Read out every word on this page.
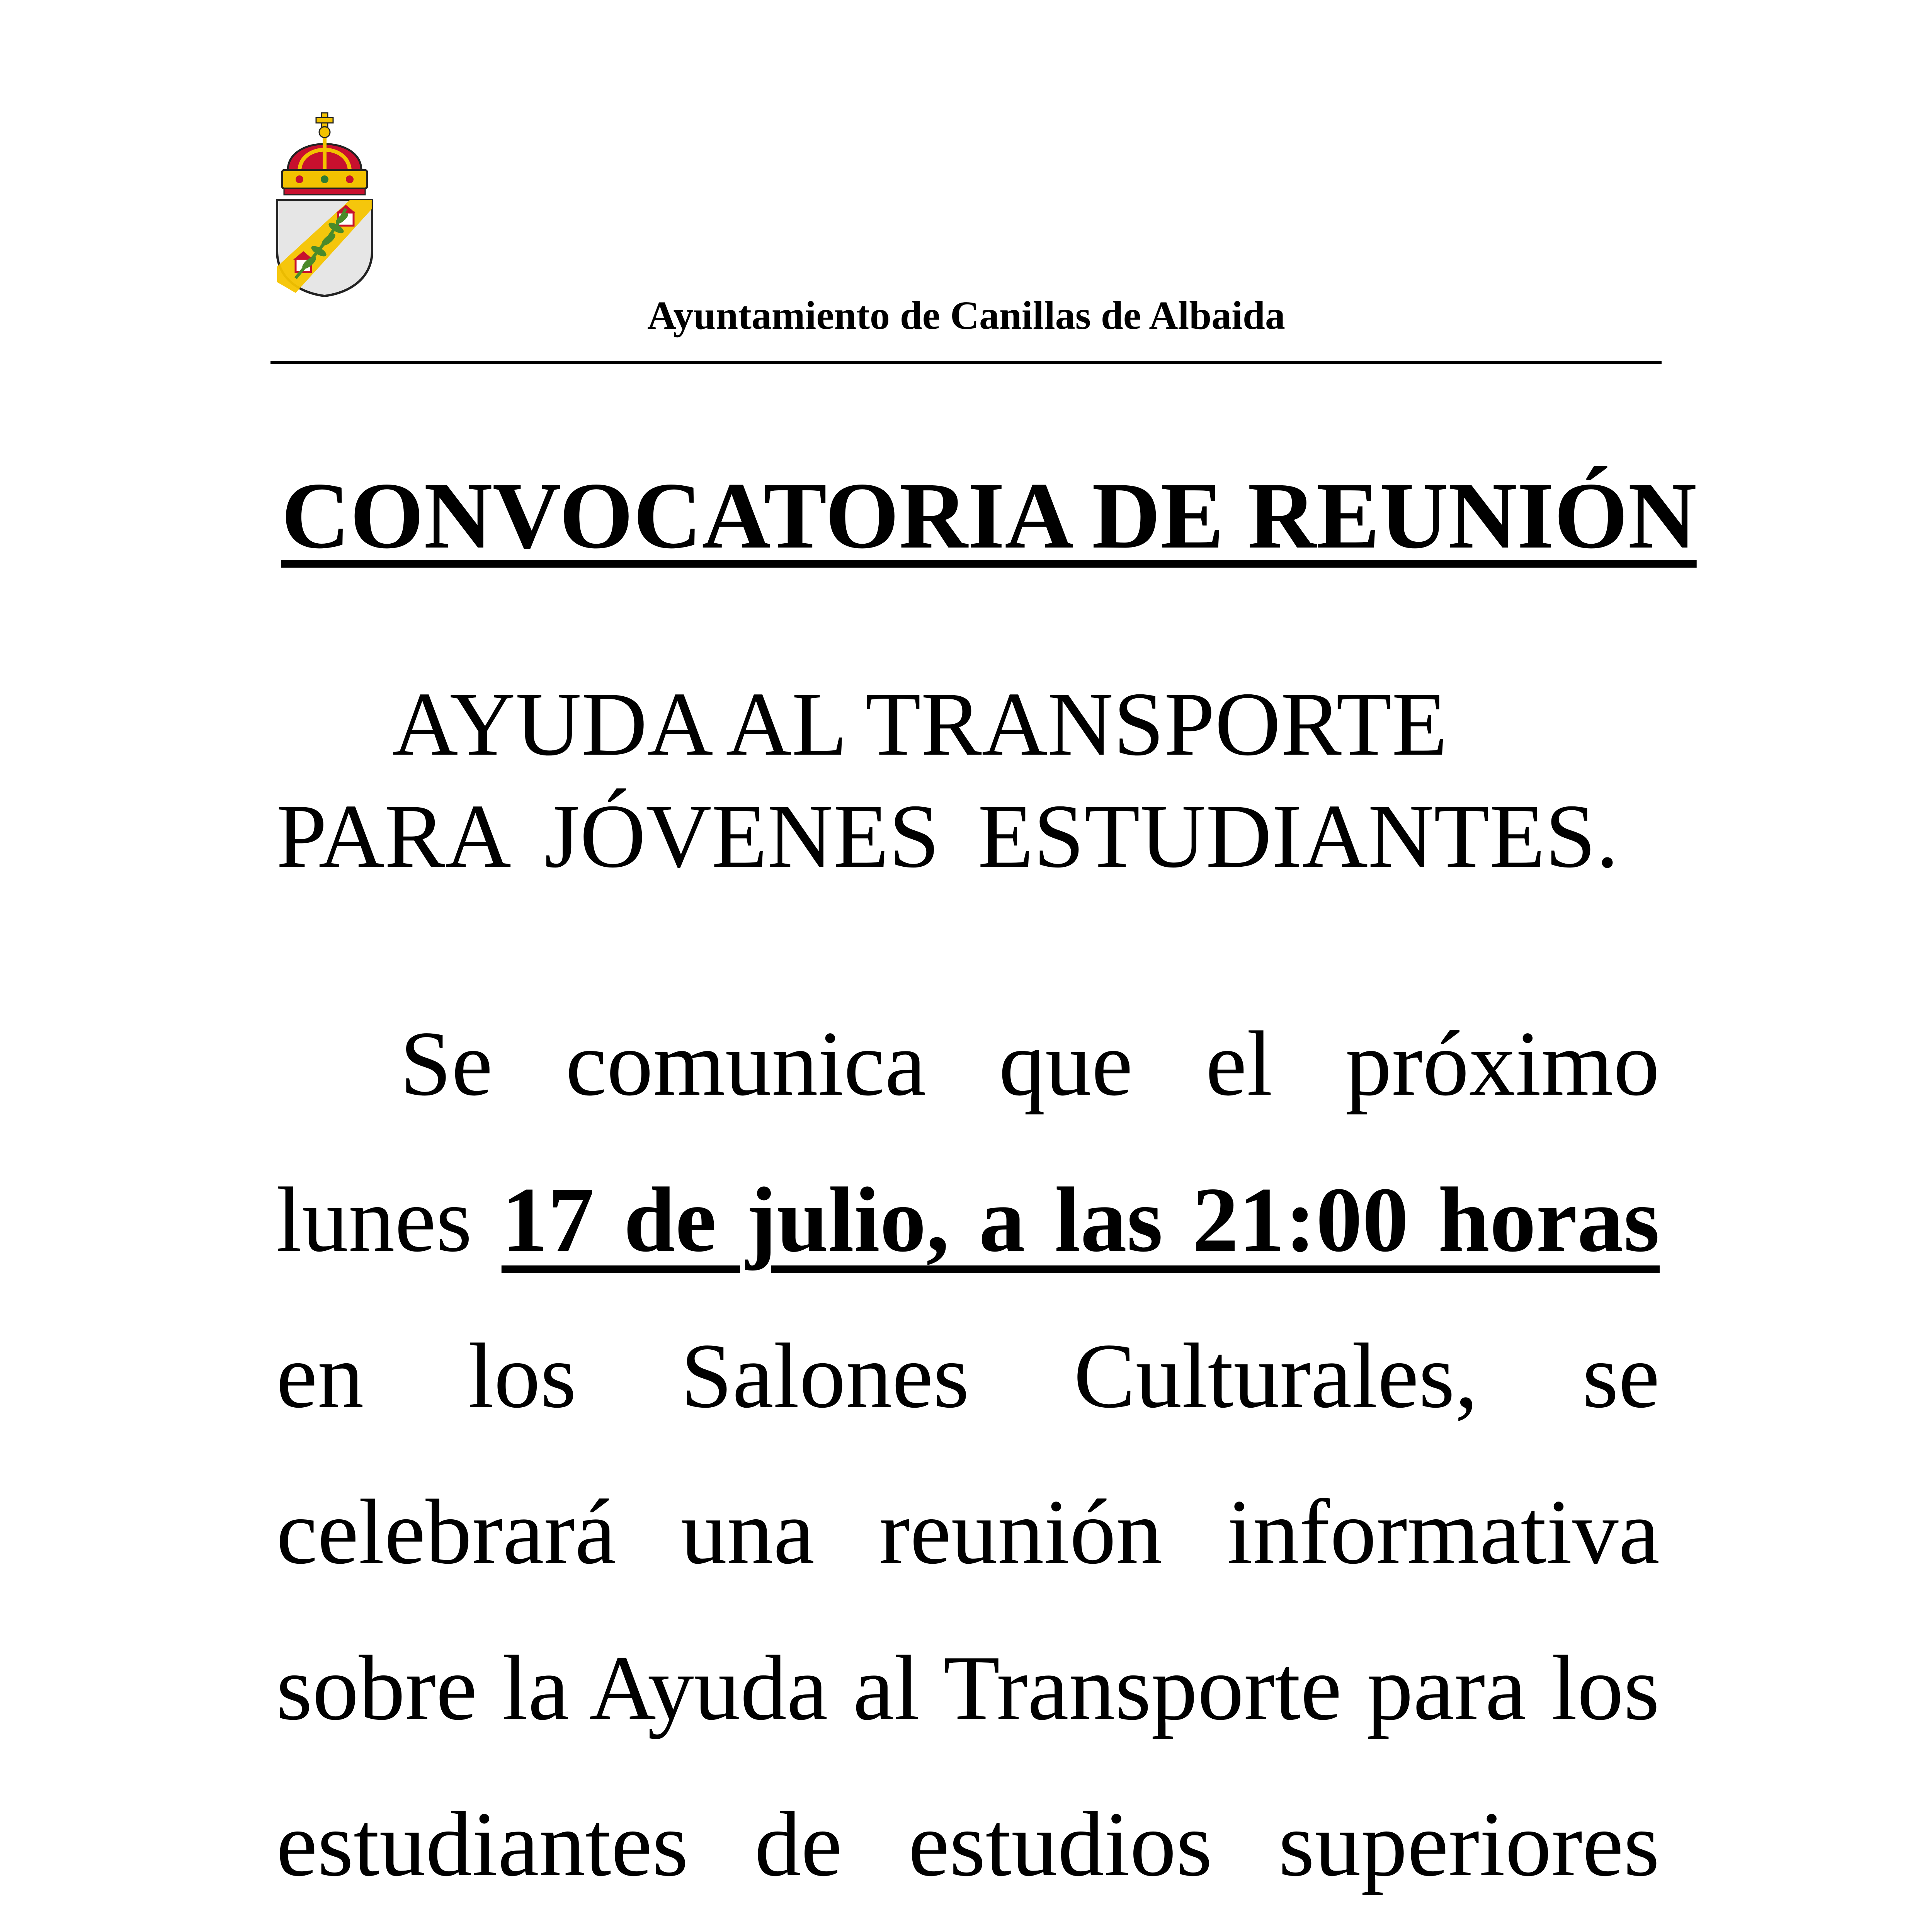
Ayuntamiento de Canillas de Albaida

CONVOCATORIA DE REUNIÓN
AYUDA AL TRANSPORTE
PARA JÓVENES ESTUDIANTES.

Se comunica que el próximo lunes 17 de julio, a las 21:00 horas en los Salones Culturales, se celebrará una reunión informativa sobre la Ayuda al Transporte para los estudiantes de estudios superiores
